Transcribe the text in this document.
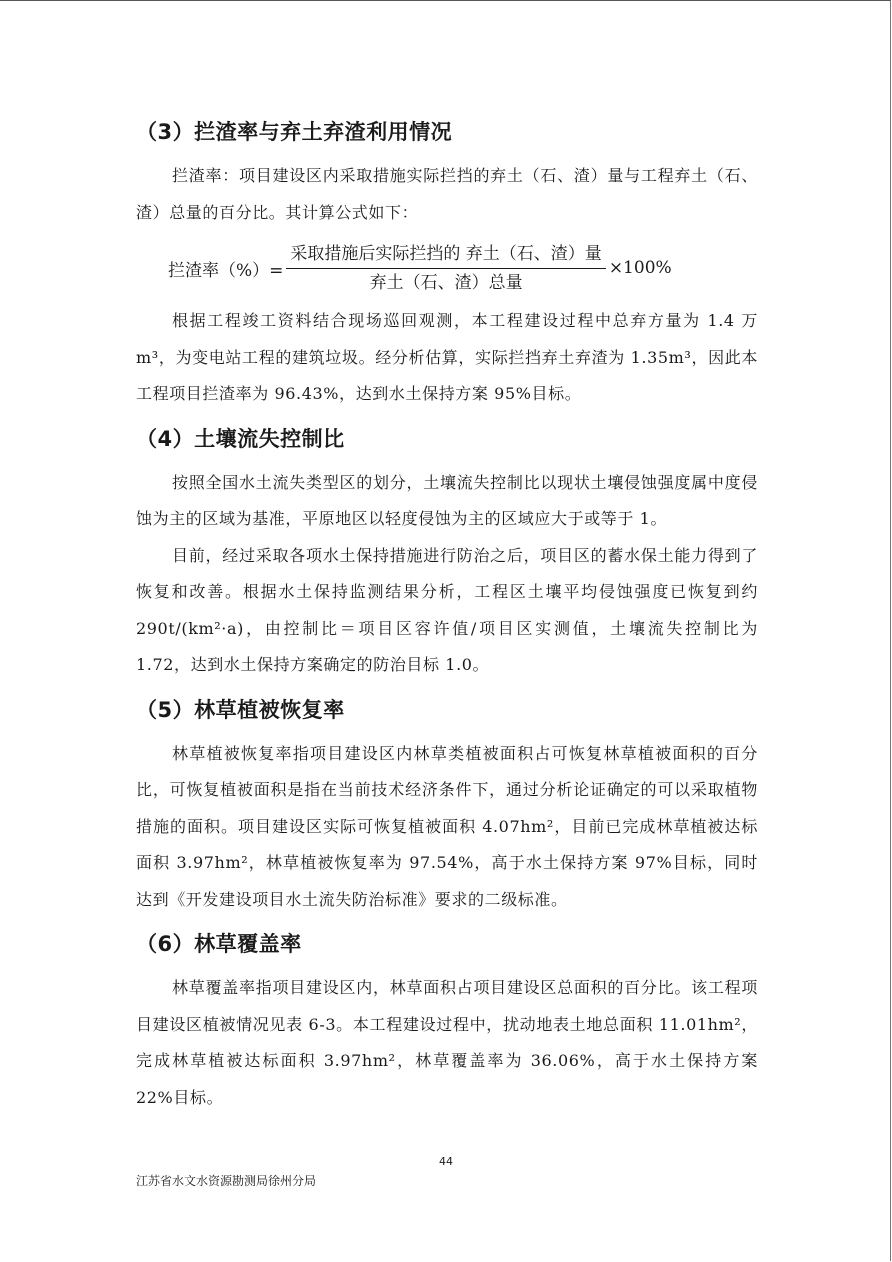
（3）拦渣率与弃土弃渣利用情况

拦渣率：项目建设区内采取措施实际拦挡的弃土（石、渣）量与工程弃土（石、渣）总量的百分比。其计算公式如下：

拦渣率（%）= $\frac{\text{采取措施后实际拦挡的 弃土（石、渣）量}}{\text{弃土（石、渣）总量}} \times 100\%$

根据工程竣工资料结合现场巡回观测，本工程建设过程中总弃方量为 1.4 万 m³，为变电站工程的建筑垃圾。经分析估算，实际拦挡弃土弃渣为 1.35m³，因此本工程项目拦渣率为 96.43%，达到水土保持方案 95%目标。

（4）土壤流失控制比

按照全国水土流失类型区的划分，土壤流失控制比以现状土壤侵蚀强度属中度侵蚀为主的区域为基准，平原地区以轻度侵蚀为主的区域应大于或等于 1。

目前，经过采取各项水土保持措施进行防治之后，项目区的蓄水保土能力得到了恢复和改善。根据水土保持监测结果分析，工程区土壤平均侵蚀强度已恢复到约 290t/(km²·a)，由控制比＝项目区容许值/项目区实测值，土壤流失控制比为 1.72，达到水土保持方案确定的防治目标 1.0。

（5）林草植被恢复率

林草植被恢复率指项目建设区内林草类植被面积占可恢复林草植被面积的百分比，可恢复植被面积是指在当前技术经济条件下，通过分析论证确定的可以采取植物措施的面积。项目建设区实际可恢复植被面积 4.07hm²，目前已完成林草植被达标面积 3.97hm²，林草植被恢复率为 97.54%，高于水土保持方案 97%目标，同时达到《开发建设项目水土流失防治标准》要求的二级标准。

（6）林草覆盖率

林草覆盖率指项目建设区内，林草面积占项目建设区总面积的百分比。该工程项目建设区植被情况见表 6-3。本工程建设过程中，扰动地表土地总面积 11.01hm²，完成林草植被达标面积 3.97hm²，林草覆盖率为 36.06%，高于水土保持方案 22%目标。

44
江苏省水文水资源勘测局徐州分局
